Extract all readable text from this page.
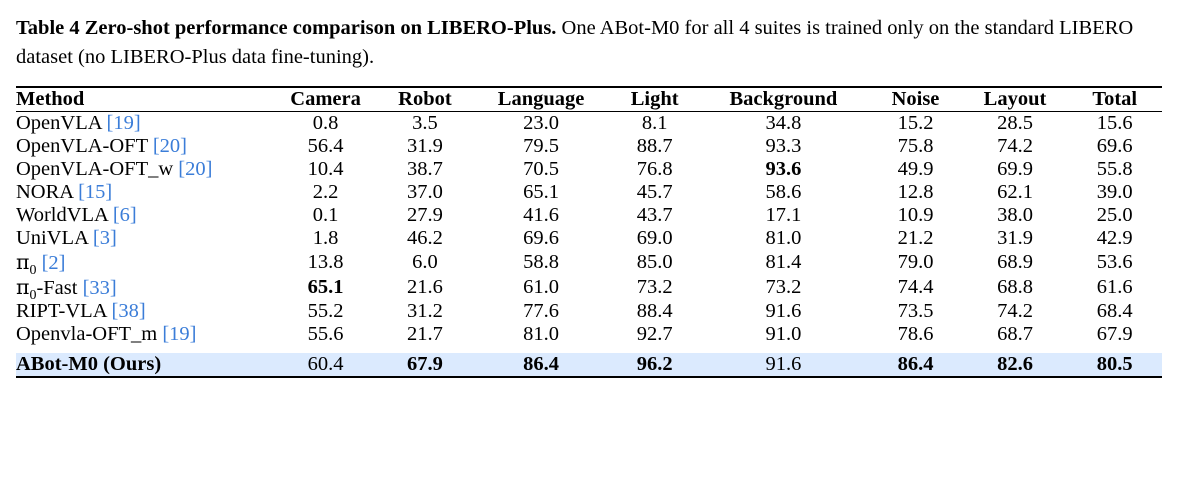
Table 4 Zero-shot performance comparison on LIBERO-Plus. One ABot-M0 for all 4 suites is trained only on the standard LIBERO dataset (no LIBERO-Plus data fine-tuning).

Method	Camera	Robot	Language	Light	Background	Noise	Layout	Total

OpenVLA [19]	0.8	3.5	23.0	8.1	34.8	15.2	28.5	15.6
OpenVLA-OFT [20]	56.4	31.9	79.5	88.7	93.3	75.8	74.2	69.6
OpenVLA-OFT_w [20]	10.4	38.7	70.5	76.8	93.6	49.9	69.9	55.8
NORA [15]	2.2	37.0	65.1	45.7	58.6	12.8	62.1	39.0
WorldVLA [6]	0.1	27.9	41.6	43.7	17.1	10.9	38.0	25.0
UniVLA [3]	1.8	46.2	69.6	69.0	81.0	21.2	31.9	42.9
$\pi_0$ [2]	13.8	6.0	58.8	85.0	81.4	79.0	68.9	53.6
$\pi_0$-Fast [33]	65.1	21.6	61.0	73.2	73.2	74.4	68.8	61.6
RIPT-VLA [38]	55.2	31.2	77.6	88.4	91.6	73.5	74.2	68.4
Openvla-OFT_m [19]	55.6	21.7	81.0	92.7	91.0	78.6	68.7	67.9

ABot-M0 (Ours)	60.4	67.9	86.4	96.2	91.6	86.4	82.6	80.5
